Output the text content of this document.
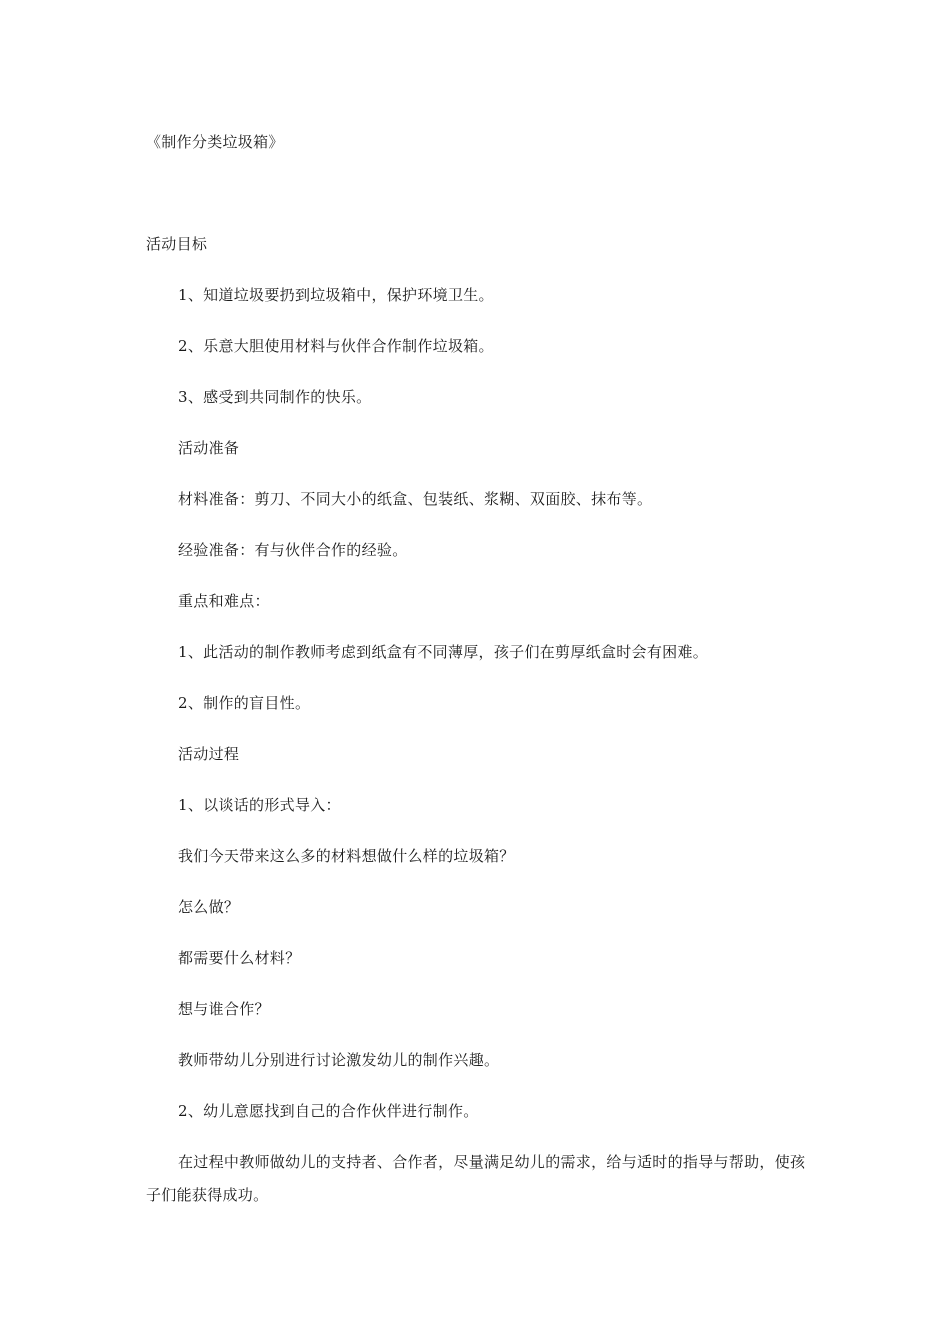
《制作分类垃圾箱》
活动目标
1、知道垃圾要扔到垃圾箱中，保护环境卫生。
2、乐意大胆使用材料与伙伴合作制作垃圾箱。
3、感受到共同制作的快乐。
活动准备
材料准备：剪刀、不同大小的纸盒、包装纸、浆糊、双面胶、抹布等。
经验准备：有与伙伴合作的经验。
重点和难点：
1、此活动的制作教师考虑到纸盒有不同薄厚，孩子们在剪厚纸盒时会有困难。
2、制作的盲目性。
活动过程
1、以谈话的形式导入：
我们今天带来这么多的材料想做什么样的垃圾箱？
怎么做？
都需要什么材料？
想与谁合作？
教师带幼儿分别进行讨论激发幼儿的制作兴趣。
2、幼儿意愿找到自己的合作伙伴进行制作。
在过程中教师做幼儿的支持者、合作者，尽量满足幼儿的需求，给与适时的指导与帮助，使孩子们能获得成功。
